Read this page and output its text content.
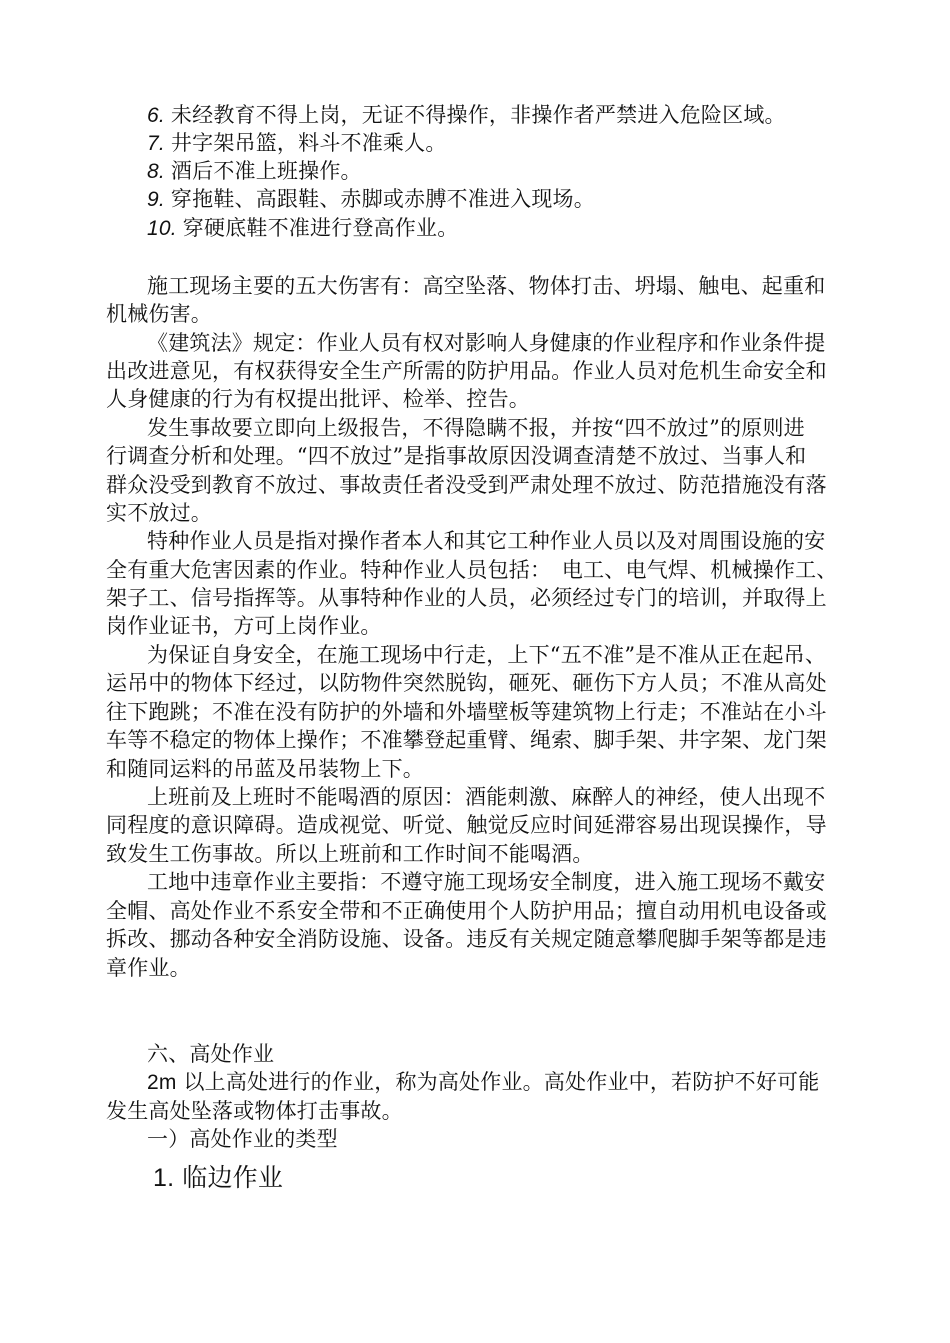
6. 未经教育不得上岗，无证不得操作，非操作者严禁进入危险区域。
7. 井字架吊篮，料斗不准乘人。
8. 酒后不准上班操作。
9. 穿拖鞋、高跟鞋、赤脚或赤膊不准进入现场。
10. 穿硬底鞋不准进行登高作业。
施工现场主要的五大伤害有：高空坠落、物体打击、坍塌、触电、起重和
机械伤害。
《建筑法》规定：作业人员有权对影响人身健康的作业程序和作业条件提
出改进意见，有权获得安全生产所需的防护用品。作业人员对危机生命安全和
人身健康的行为有权提出批评、检举、控告。
发生事故要立即向上级报告，不得隐瞒不报，并按“四不放过”的原则进
行调查分析和处理。“四不放过”是指事故原因没调查清楚不放过、当事人和
群众没受到教育不放过、事故责任者没受到严肃处理不放过、防范措施没有落
实不放过。
特种作业人员是指对操作者本人和其它工种作业人员以及对周围设施的安
全有重大危害因素的作业。特种作业人员包括：　电工、电气焊、机械操作工、
架子工、信号指挥等。从事特种作业的人员，必须经过专门的培训，并取得上
岗作业证书，方可上岗作业。
为保证自身安全，在施工现场中行走，上下“五不准”是不准从正在起吊、
运吊中的物体下经过，以防物件突然脱钩，砸死、砸伤下方人员；不准从高处
往下跑跳；不准在没有防护的外墙和外墙壁板等建筑物上行走；不准站在小斗
车等不稳定的物体上操作；不准攀登起重臂、绳索、脚手架、井字架、龙门架
和随同运料的吊蓝及吊装物上下。
上班前及上班时不能喝酒的原因：酒能刺激、麻醉人的神经，使人出现不
同程度的意识障碍。造成视觉、听觉、触觉反应时间延滞容易出现误操作，导
致发生工伤事故。所以上班前和工作时间不能喝酒。
工地中违章作业主要指：不遵守施工现场安全制度，进入施工现场不戴安
全帽、高处作业不系安全带和不正确使用个人防护用品；擅自动用机电设备或
拆改、挪动各种安全消防设施、设备。违反有关规定随意攀爬脚手架等都是违
章作业。
六、高处作业
2m 以上高处进行的作业，称为高处作业。高处作业中，若防护不好可能
发生高处坠落或物体打击事故。
一）高处作业的类型
1. 临边作业
